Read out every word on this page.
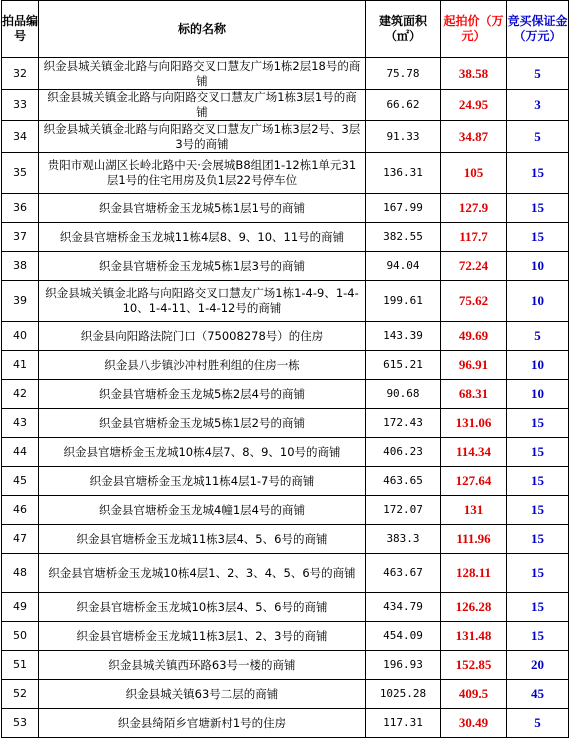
拍品编号	标的名称	建筑面积（㎡）	起拍价（万元）	竞买保证金（万元）
32	织金县城关镇金北路与向阳路交叉口慧友广场1栋2层18号的商铺	75.78	38.58	5
33	织金县城关镇金北路与向阳路交叉口慧友广场1栋3层1号的商铺	66.62	24.95	3
34	织金县城关镇金北路与向阳路交叉口慧友广场1栋3层2号、3层3号的商铺	91.33	34.87	5
35	贵阳市观山湖区长岭北路中天·会展城B8组团1-12栋1单元31层1号的住宅用房及负1层22号停车位	136.31	105	15
36	织金县官塘桥金玉龙城5栋1层1号的商铺	167.99	127.9	15
37	织金县官塘桥金玉龙城11栋4层8、9、10、11号的商铺	382.55	117.7	15
38	织金县官塘桥金玉龙城5栋1层3号的商铺	94.04	72.24	10
39	织金县城关镇金北路与向阳路交叉口慧友广场1栋1-4-9、1-4-10、1-4-11、1-4-12号的商铺	199.61	75.62	10
40	织金县向阳路法院门口（75008278号）的住房	143.39	49.69	5
41	织金县八步镇沙冲村胜利组的住房一栋	615.21	96.91	10
42	织金县官塘桥金玉龙城5栋2层4号的商铺	90.68	68.31	10
43	织金县官塘桥金玉龙城5栋1层2号的商铺	172.43	131.06	15
44	织金县官塘桥金玉龙城10栋4层7、8、9、10号的商铺	406.23	114.34	15
45	织金县官塘桥金玉龙城11栋4层1-7号的商铺	463.65	127.64	15
46	织金县官塘桥金玉龙城4幢1层4号的商铺	172.07	131	15
47	织金县官塘桥金玉龙城11栋3层4、5、6号的商铺	383.3	111.96	15
48	织金县官塘桥金玉龙城10栋4层1、2、3、4、5、6号的商铺	463.67	128.11	15
49	织金县官塘桥金玉龙城10栋3层4、5、6号的商铺	434.79	126.28	15
50	织金县官塘桥金玉龙城11栋3层1、2、3号的商铺	454.09	131.48	15
51	织金县城关镇西环路63号一楼的商铺	196.93	152.85	20
52	织金县城关镇63号二层的商铺	1025.28	409.5	45
53	织金县绮陌乡官塘新村1号的住房	117.31	30.49	5
